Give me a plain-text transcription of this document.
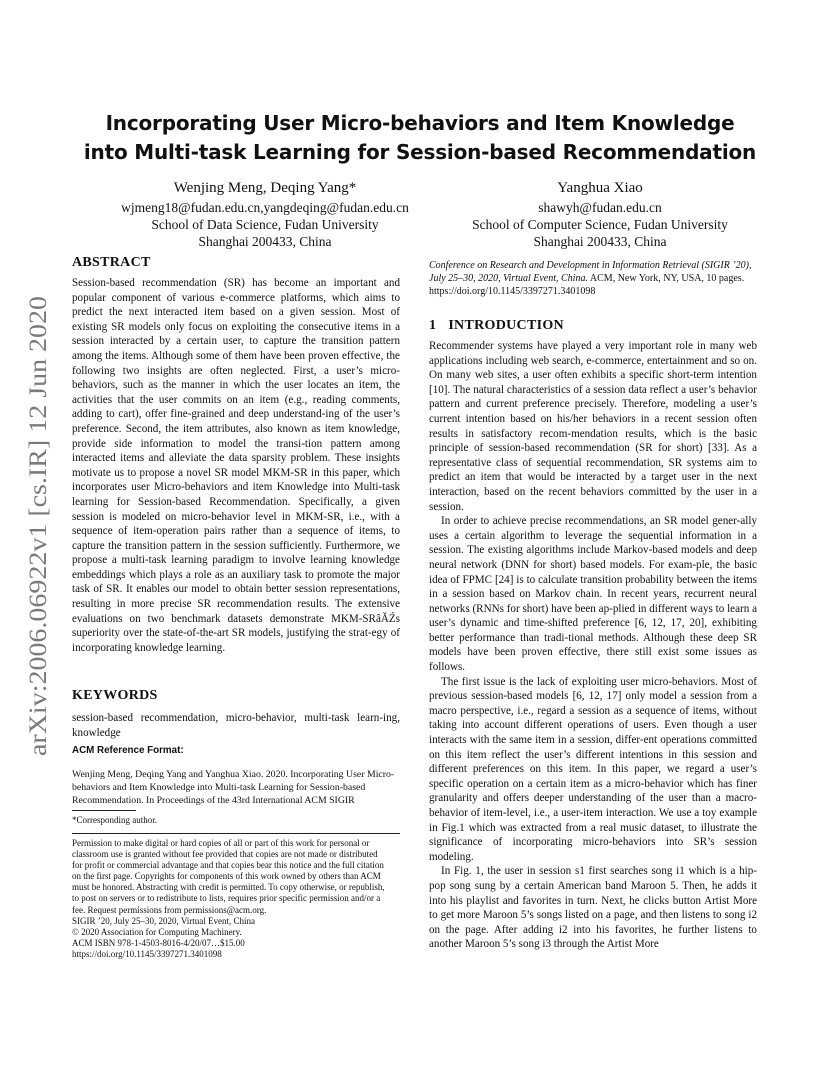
arXiv:2006.06922v1 [cs.IR] 12 Jun 2020
Incorporating User Micro-behaviors and Item Knowledge
into Multi-task Learning for Session-based Recommendation
Wenjing Meng, Deqing Yang*
wjmeng18@fudan.edu.cn,yangdeqing@fudan.edu.cn
School of Data Science, Fudan University
Shanghai 200433, China
Yanghua Xiao
shawyh@fudan.edu.cn
School of Computer Science, Fudan University
Shanghai 200433, China
ABSTRACT

Session-based recommendation (SR) has become an important and popular component of various e-commerce platforms, which aims to predict the next interacted item based on a given session. Most of existing SR models only focus on exploiting the consecutive items in a session interacted by a certain user, to capture the transition pattern among the items. Although some of them have been proven effective, the following two insights are often neglected. First, a user’s micro-behaviors, such as the manner in which the user locates an item, the activities that the user commits on an item (e.g., reading comments, adding to cart), offer fine-grained and deep understand-ing of the user’s preference. Second, the item attributes, also known as item knowledge, provide side information to model the transi-tion pattern among interacted items and alleviate the data sparsity problem. These insights motivate us to propose a novel SR model MKM-SR in this paper, which incorporates user Micro-behaviors and item Knowledge into Multi-task learning for Session-based Recommendation. Specifically, a given session is modeled on micro-behavior level in MKM-SR, i.e., with a sequence of item-operation pairs rather than a sequence of items, to capture the transition pattern in the session sufficiently. Furthermore, we propose a multi-task learning paradigm to involve learning knowledge embeddings which plays a role as an auxiliary task to promote the major task of SR. It enables our model to obtain better session representations, resulting in more precise SR recommendation results. The extensive evaluations on two benchmark datasets demonstrate MKM-SRâĂŹs superiority over the state-of-the-art SR models, justifying the strat-egy of incorporating knowledge learning.

KEYWORDS

session-based recommendation, micro-behavior, multi-task learn-ing, knowledge

ACM Reference Format:

Wenjing Meng, Deqing Yang and Yanghua Xiao. 2020. Incorporating User Micro-behaviors and Item Knowledge into Multi-task Learning for Session-based Recommendation. In Proceedings of the 43rd International ACM SIGIR

*Corresponding author.
Permission to make digital or hard copies of all or part of this work for personal or
classroom use is granted without fee provided that copies are not made or distributed
for profit or commercial advantage and that copies bear this notice and the full citation
on the first page. Copyrights for components of this work owned by others than ACM
must be honored. Abstracting with credit is permitted. To copy otherwise, or republish,
to post on servers or to redistribute to lists, requires prior specific permission and/or a
fee. Request permissions from permissions@acm.org.
SIGIR ’20, July 25–30, 2020, Virtual Event, China
© 2020 Association for Computing Machinery.
ACM ISBN 978-1-4503-8016-4/20/07…$15.00
https://doi.org/10.1145/3397271.3401098
Conference on Research and Development in Information Retrieval (SIGIR ’20),
July 25–30, 2020, Virtual Event, China. ACM, New York, NY, USA, 10 pages.
https://doi.org/10.1145/3397271.3401098
1 INTRODUCTION

Recommender systems have played a very important role in many web applications including web search, e-commerce, entertainment and so on. On many web sites, a user often exhibits a specific short-term intention [10]. The natural characteristics of a session data reflect a user’s behavior pattern and current preference precisely. Therefore, modeling a user’s current intention based on his/her behaviors in a recent session often results in satisfactory recom-mendation results, which is the basic principle of session-based recommendation (SR for short) [33]. As a representative class of sequential recommendation, SR systems aim to predict an item that would be interacted by a target user in the next interaction, based on the recent behaviors committed by the user in a session.

In order to achieve precise recommendations, an SR model gener-ally uses a certain algorithm to leverage the sequential information in a session. The existing algorithms include Markov-based models and deep neural network (DNN for short) based models. For exam-ple, the basic idea of FPMC [24] is to calculate transition probability between the items in a session based on Markov chain. In recent years, recurrent neural networks (RNNs for short) have been ap-plied in different ways to learn a user’s dynamic and time-shifted preference [6, 12, 17, 20], exhibiting better performance than tradi-tional methods. Although these deep SR models have been proven effective, there still exist some issues as follows.

The first issue is the lack of exploiting user micro-behaviors. Most of previous session-based models [6, 12, 17] only model a session from a macro perspective, i.e., regard a session as a sequence of items, without taking into account different operations of users. Even though a user interacts with the same item in a session, differ-ent operations committed on this item reflect the user’s different intentions in this session and different preferences on this item. In this paper, we regard a user’s specific operation on a certain item as a micro-behavior which has finer granularity and offers deeper understanding of the user than a macro-behavior of item-level, i.e., a user-item interaction. We use a toy example in Fig.1 which was extracted from a real music dataset, to illustrate the significance of incorporating micro-behaviors into SR’s session modeling.

In Fig. 1, the user in session s1 first searches song i1 which is a hip-pop song sung by a certain American band Maroon 5. Then, he adds it into his playlist and favorites in turn. Next, he clicks button Artist More to get more Maroon 5’s songs listed on a page, and then listens to song i2 on the page. After adding i2 into his favorites, he further listens to another Maroon 5’s song i3 through the Artist More
